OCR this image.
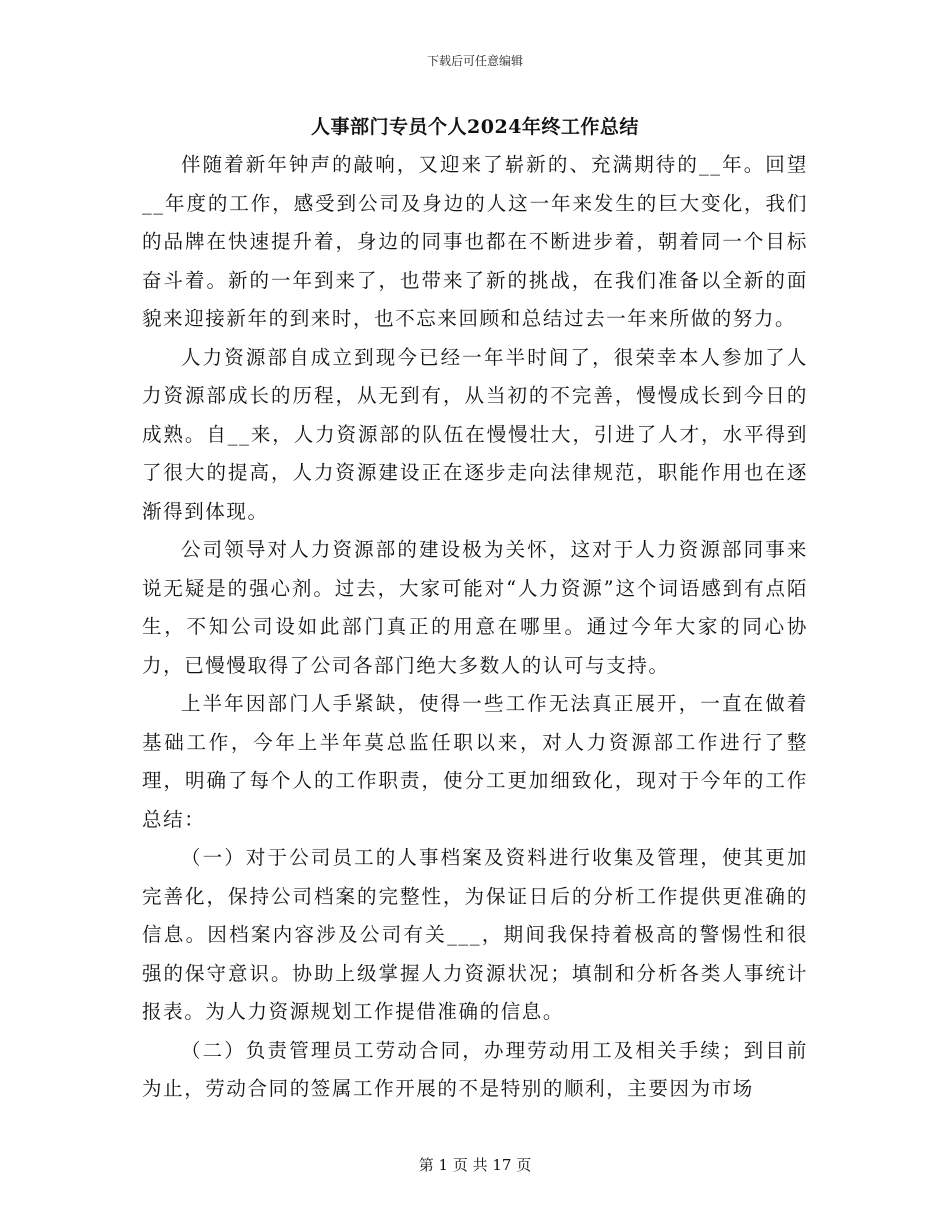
下载后可任意编辑
人事部门专员个人2024年终工作总结

伴随着新年钟声的敲响，又迎来了崭新的、充满期待的__年。回望__年度的工作，感受到公司及身边的人这一年来发生的巨大变化，我们的品牌在快速提升着，身边的同事也都在不断进步着，朝着同一个目标奋斗着。新的一年到来了，也带来了新的挑战，在我们准备以全新的面貌来迎接新年的到来时，也不忘来回顾和总结过去一年来所做的努力。

人力资源部自成立到现今已经一年半时间了，很荣幸本人参加了人力资源部成长的历程，从无到有，从当初的不完善，慢慢成长到今日的成熟。自__来，人力资源部的队伍在慢慢壮大，引进了人才，水平得到了很大的提高，人力资源建设正在逐步走向法律规范，职能作用也在逐渐得到体现。

公司领导对人力资源部的建设极为关怀，这对于人力资源部同事来说无疑是的强心剂。过去，大家可能对“人力资源”这个词语感到有点陌生，不知公司设如此部门真正的用意在哪里。通过今年大家的同心协力，已慢慢取得了公司各部门绝大多数人的认可与支持。

上半年因部门人手紧缺，使得一些工作无法真正展开，一直在做着基础工作，今年上半年莫总监任职以来，对人力资源部工作进行了整理，明确了每个人的工作职责，使分工更加细致化，现对于今年的工作总结：

（一）对于公司员工的人事档案及资料进行收集及管理，使其更加完善化，保持公司档案的完整性，为保证日后的分析工作提供更准确的信息。因档案内容涉及公司有关___，期间我保持着极高的警惕性和很强的保守意识。协助上级掌握人力资源状况；填制和分析各类人事统计报表。为人力资源规划工作提借准确的信息。

（二）负责管理员工劳动合同，办理劳动用工及相关手续；到目前为止，劳动合同的签属工作开展的不是特别的顺利，主要因为市场

第 1 页 共 17 页
